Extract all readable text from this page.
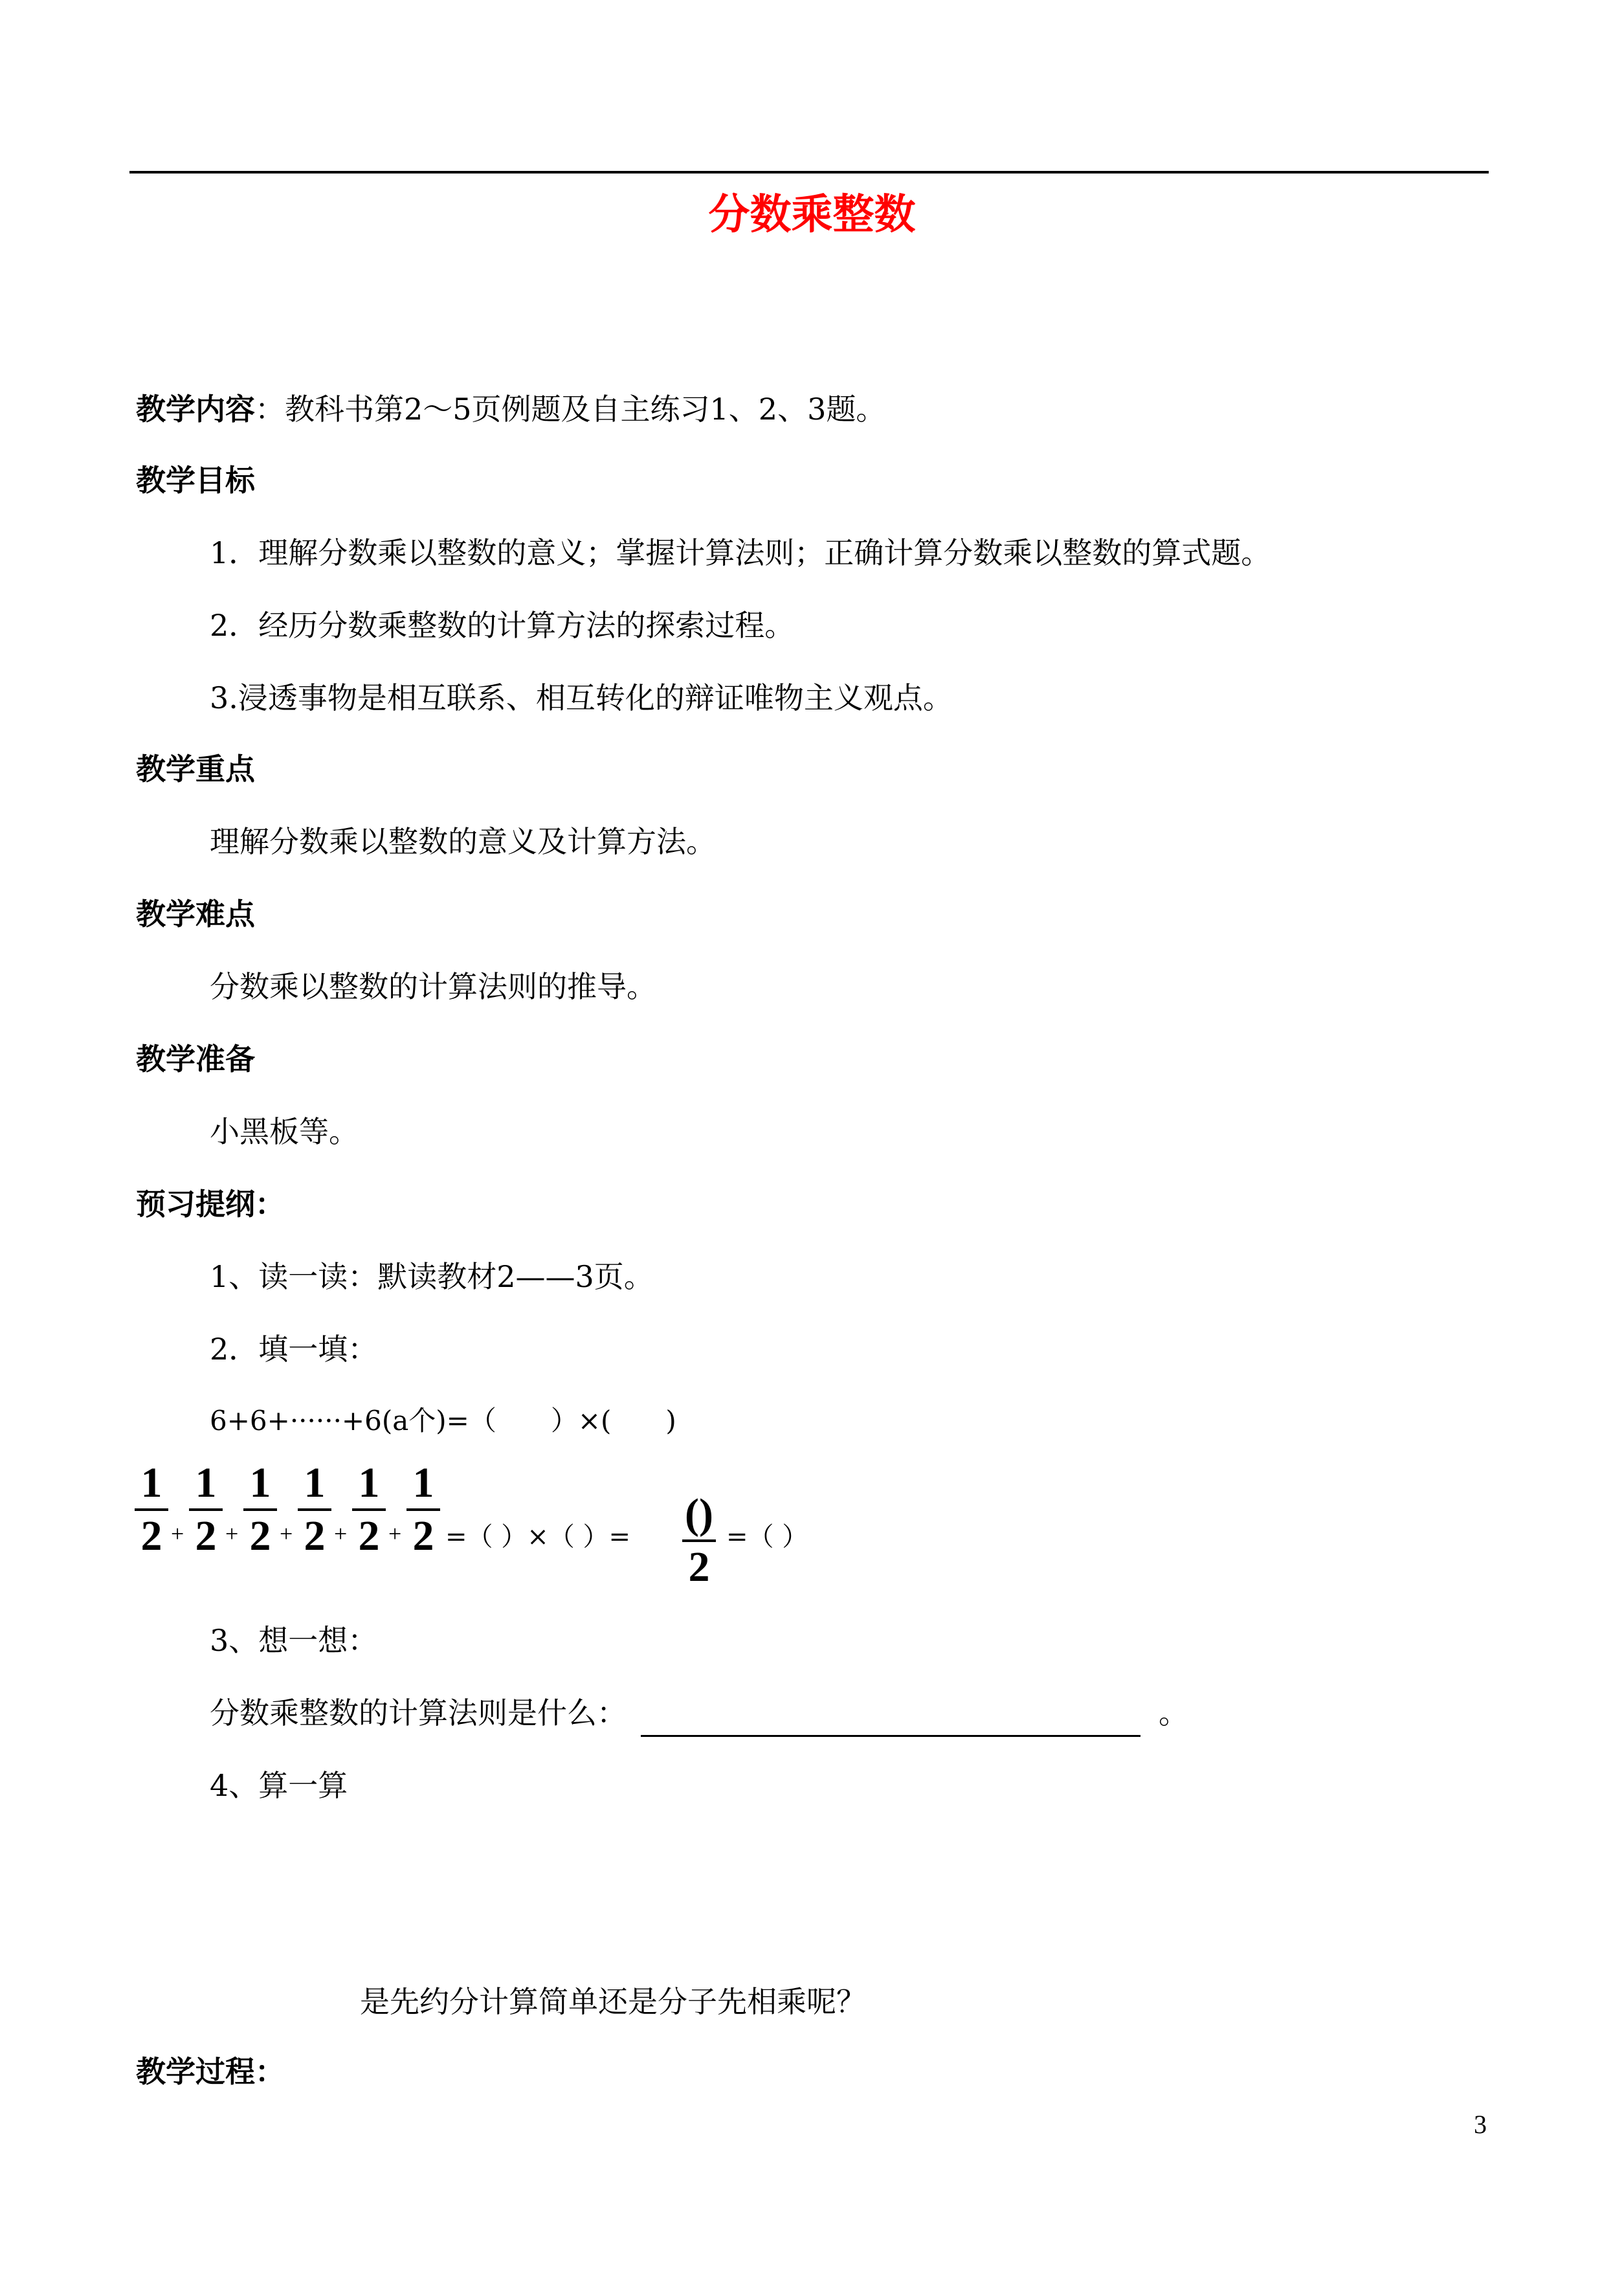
分数乘整数
教学内容：教科书第2～5页例题及自主练习1、2、3题。
教学目标
1．理解分数乘以整数的意义；掌握计算法则；正确计算分数乘以整数的算式题。
2．经历分数乘整数的计算方法的探索过程。
3.浸透事物是相互联系、相互转化的辩证唯物主义观点。
教学重点
理解分数乘以整数的意义及计算方法。
教学难点
分数乘以整数的计算法则的推导。
教学准备
小黑板等。
预习提纲：
1、读一读：默读教材2——3页。
2．填一填：
6+6+······+6(a个)=（　　）×(　　)
1
2 +
1
2 +
1
2 +
1
2 +
1
2 +
1
2 =（ ）×（ ）= ()
2
=（ ）
3、想一想：
分数乘整数的计算法则是什么：	。
4、算一算
是先约分计算简单还是分子先相乘呢？
教学过程：
3
